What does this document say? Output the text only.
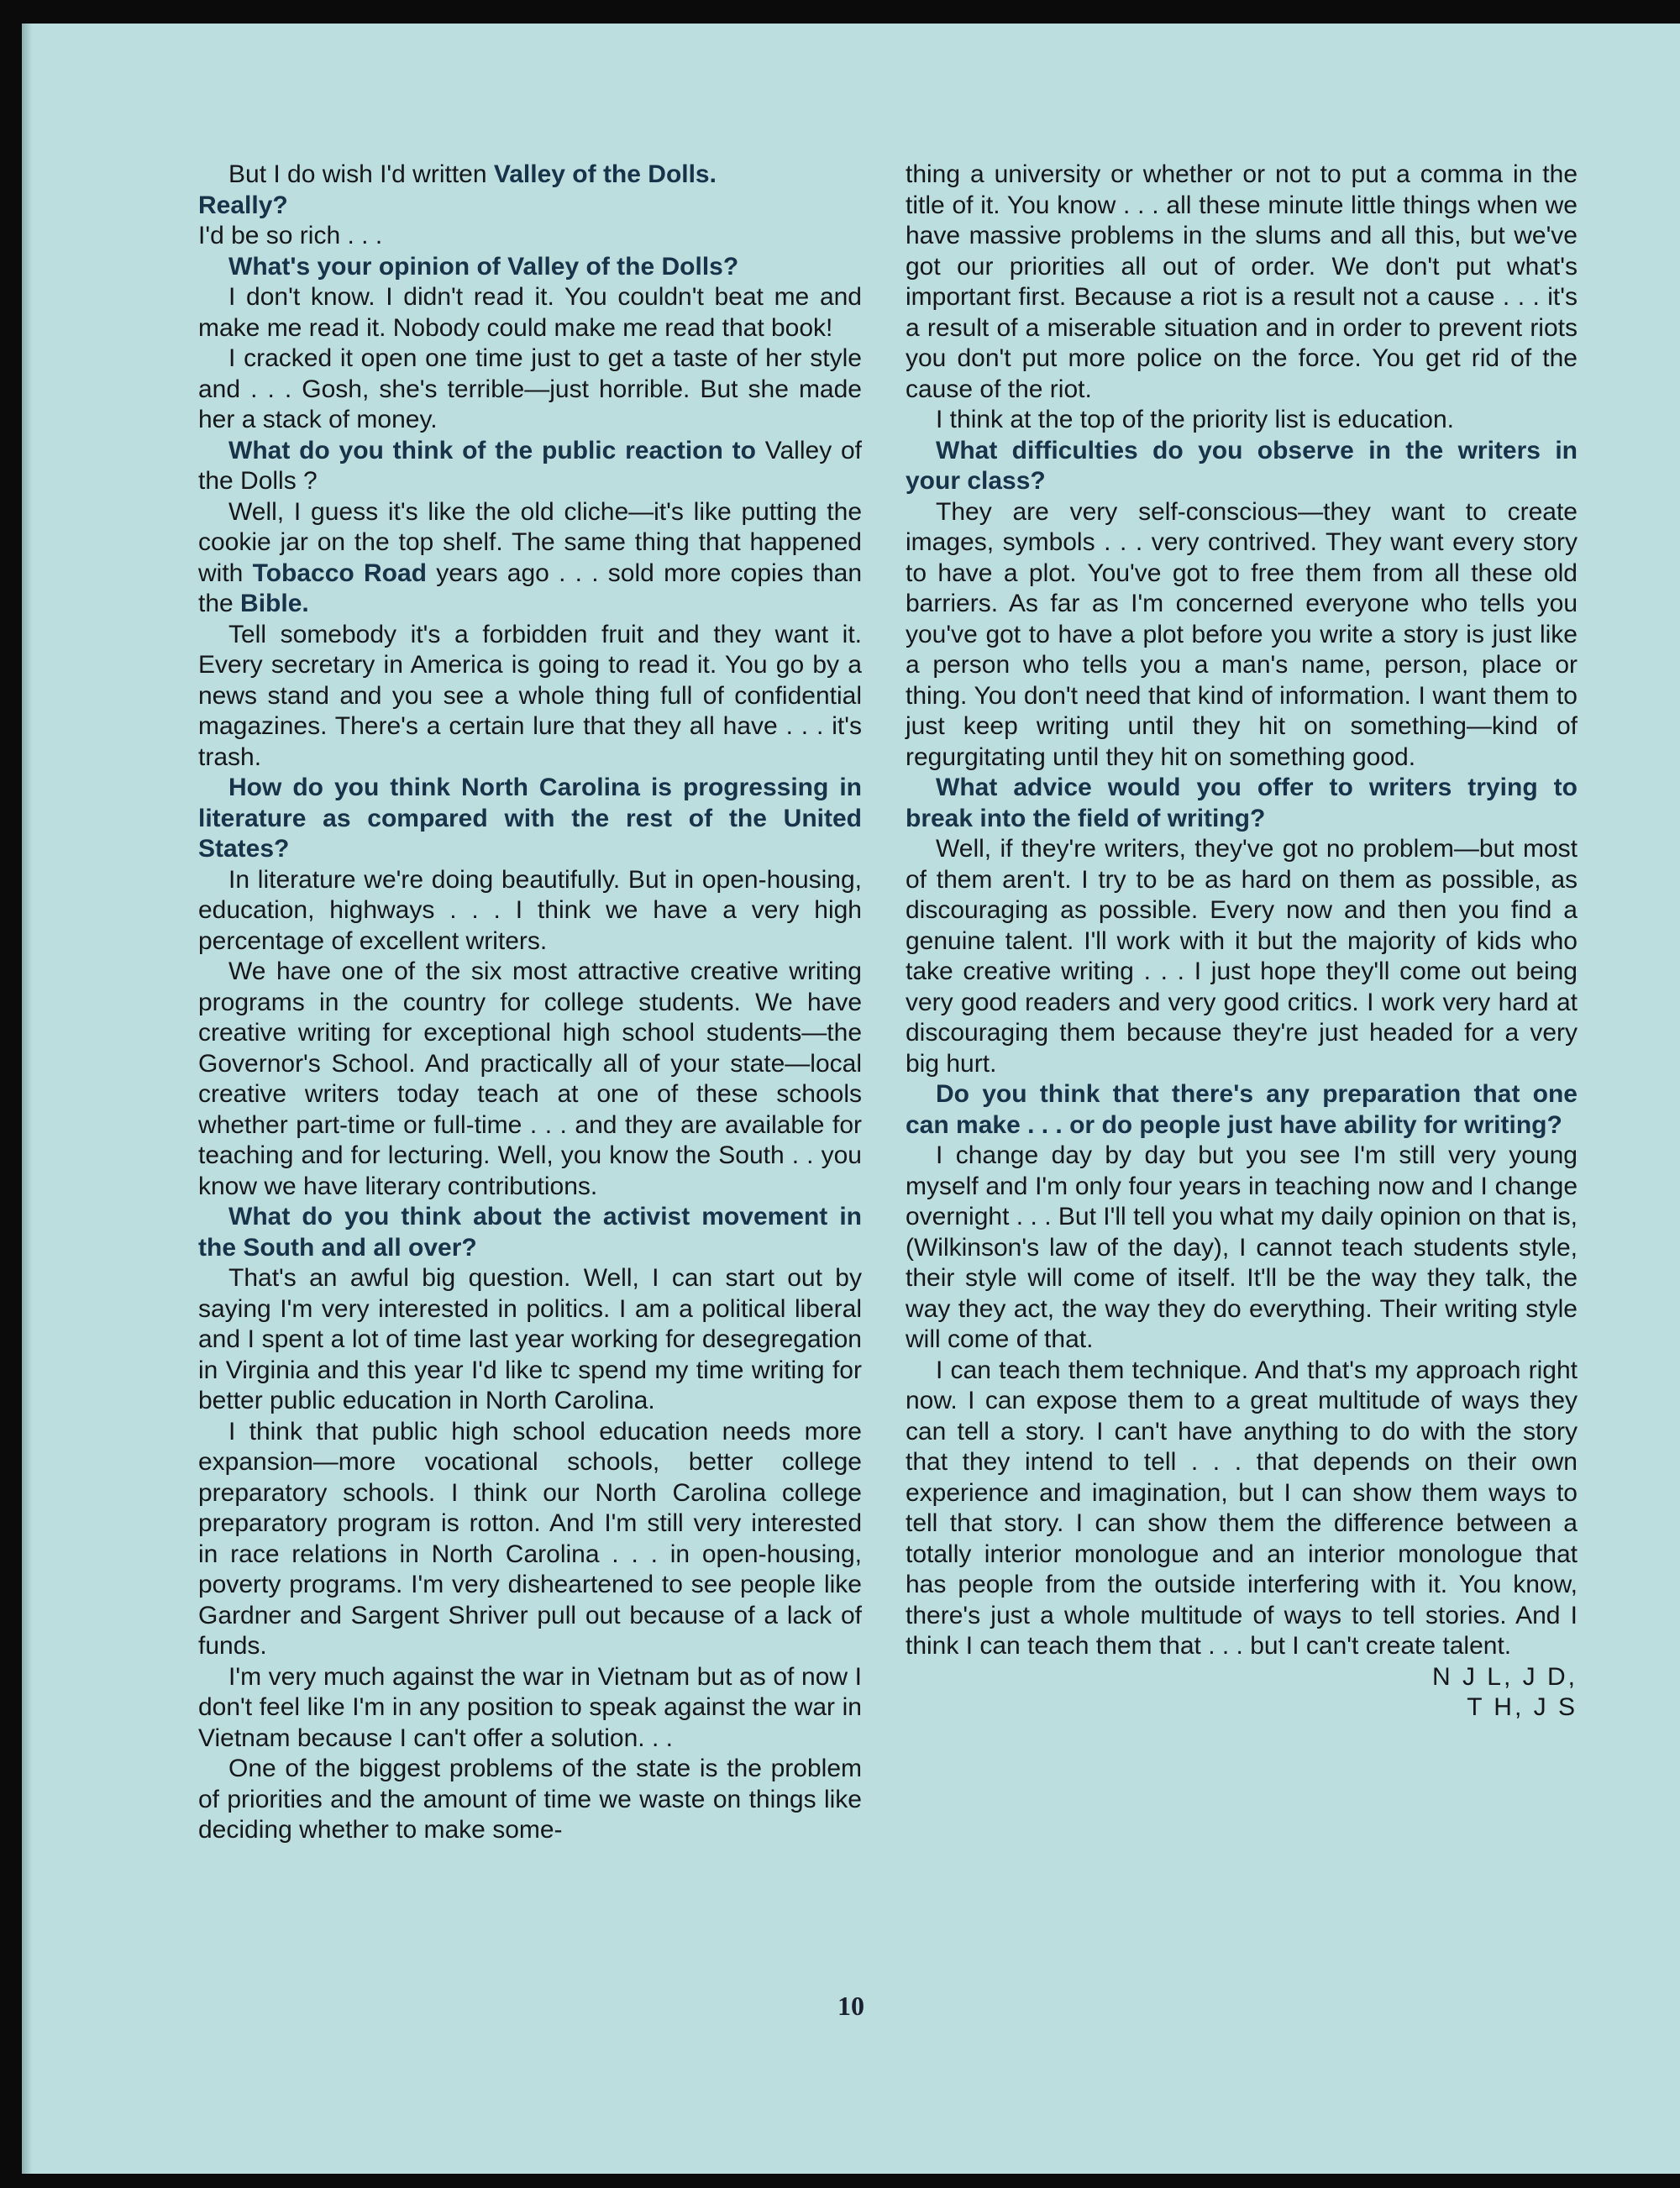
But I do wish I'd written Valley of the Dolls.

Really?

I'd be so rich . . .

What's your opinion of Valley of the Dolls?

I don't know. I didn't read it. You couldn't beat me and make me read it. Nobody could make me read that book!

I cracked it open one time just to get a taste of her style and . . . Gosh, she's terrible—just horrible. But she made her a stack of money.

What do you think of the public reaction to Valley of the Dolls ?

Well, I guess it's like the old cliche—it's like putting the cookie jar on the top shelf. The same thing that happened with Tobacco Road years ago . . . sold more copies than the Bible.

Tell somebody it's a forbidden fruit and they want it. Every secretary in America is going to read it. You go by a news stand and you see a whole thing full of confidential magazines. There's a certain lure that they all have . . . it's trash.

How do you think North Carolina is progressing in literature as compared with the rest of the United States?

In literature we're doing beautifully. But in open-housing, education, highways . . . I think we have a very high percentage of excellent writers.

We have one of the six most attractive creative writing programs in the country for college students. We have creative writing for exceptional high school students—the Governor's School. And practically all of your state—local creative writers today teach at one of these schools whether part-time or full-time . . . and they are available for teaching and for lecturing. Well, you know the South . . you know we have literary contributions.

What do you think about the activist movement in the South and all over?

That's an awful big question. Well, I can start out by saying I'm very interested in politics. I am a political liberal and I spent a lot of time last year working for desegregation in Virginia and this year I'd like tc spend my time writing for better public education in North Carolina.

I think that public high school education needs more expansion—more vocational schools, better college preparatory schools. I think our North Carolina college preparatory program is rotton. And I'm still very interested in race relations in North Carolina . . . in open-housing, poverty programs. I'm very disheartened to see people like Gardner and Sargent Shriver pull out because of a lack of funds.

I'm very much against the war in Vietnam but as of now I don't feel like I'm in any position to speak against the war in Vietnam because I can't offer a solution. . .

One of the biggest problems of the state is the problem of priorities and the amount of time we waste on things like deciding whether to make some-

thing a university or whether or not to put a comma in the title of it. You know . . . all these minute little things when we have massive problems in the slums and all this, but we've got our priorities all out of order. We don't put what's important first. Because a riot is a result not a cause . . . it's a result of a miserable situation and in order to prevent riots you don't put more police on the force. You get rid of the cause of the riot.

I think at the top of the priority list is education.

What difficulties do you observe in the writers in your class?

They are very self-conscious—they want to create images, symbols . . . very contrived. They want every story to have a plot. You've got to free them from all these old barriers. As far as I'm concerned everyone who tells you you've got to have a plot before you write a story is just like a person who tells you a man's name, person, place or thing. You don't need that kind of information. I want them to just keep writing until they hit on something—kind of regurgitating until they hit on something good.

What advice would you offer to writers trying to break into the field of writing?

Well, if they're writers, they've got no problem—but most of them aren't. I try to be as hard on them as possible, as discouraging as possible. Every now and then you find a genuine talent. I'll work with it but the majority of kids who take creative writing . . . I just hope they'll come out being very good readers and very good critics. I work very hard at discouraging them because they're just headed for a very big hurt.

Do you think that there's any preparation that one can make . . . or do people just have ability for writing?

I change day by day but you see I'm still very young myself and I'm only four years in teaching now and I change overnight . . . But I'll tell you what my daily opinion on that is, (Wilkinson's law of the day), I cannot teach students style, their style will come of itself. It'll be the way they talk, the way they act, the way they do everything. Their writing style will come of that.

I can teach them technique. And that's my approach right now. I can expose them to a great multitude of ways they can tell a story. I can't have anything to do with the story that they intend to tell . . . that depends on their own experience and imagination, but I can show them ways to tell that story. I can show them the difference between a totally interior monologue and an interior monologue that has people from the outside interfering with it. You know, there's just a whole multitude of ways to tell stories. And I think I can teach them that . . . but I can't create talent.

N J L, J D,
T H, J S
10
